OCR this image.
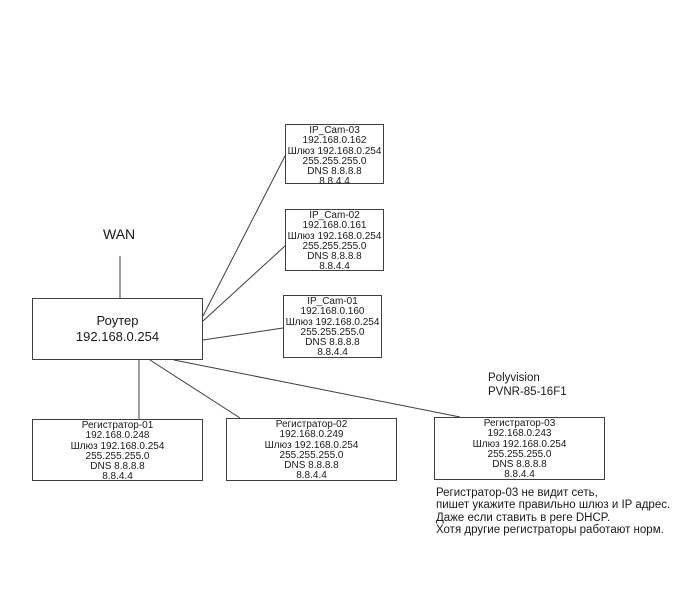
WAN
Роутер
192.168.0.254
IP_Cam-03
192.168.0.162
Шлюз 192.168.0.254
255.255.255.0
DNS 8.8.8.8
8.8.4.4
IP_Cam-02
192.168.0.161
Шлюз 192.168.0.254
255.255.255.0
DNS 8.8.8.8
8.8.4.4
IP_Cam-01
192.168.0.160
Шлюз 192.168.0.254
255.255.255.0
DNS 8.8.8.8
8.8.4.4
Регистратор-01
192.168.0.248
Шлюз 192.168.0.254
255.255.255.0
DNS 8.8.8.8
8.8.4.4
Регистратор-02
192.168.0.249
Шлюз 192.168.0.254
255.255.255.0
DNS 8.8.8.8
8.8.4.4
Регистратор-03
192.168.0.243
Шлюз 192.168.0.254
255.255.255.0
DNS 8.8.8.8
8.8.4.4
Polyvision
PVNR-85-16F1
Регистратор-03 не видит сеть,
пишет укажите правильно шлюз и IP адрес.
Даже если ставить в реге DHCP.
Хотя другие регистраторы работают норм.
